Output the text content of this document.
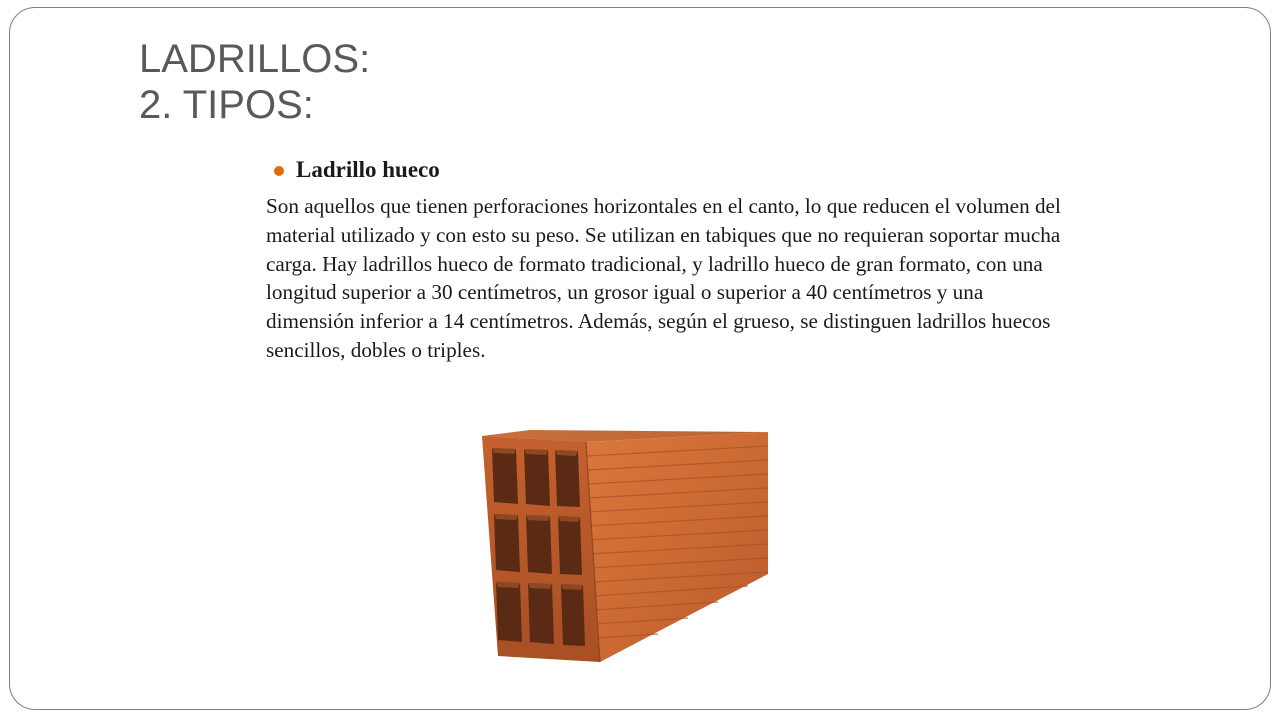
LADRILLOS:
2. TIPOS:
Ladrillo hueco

Son aquellos que tienen perforaciones horizontales en el canto, lo que reducen el volumen del material utilizado y con esto su peso. Se utilizan en tabiques que no requieran soportar mucha carga. Hay ladrillos hueco de formato tradicional, y ladrillo hueco de gran formato, con una longitud superior a 30 centímetros, un grosor igual o superior a 40 centímetros y una dimensión inferior a 14 centímetros. Además, según el grueso, se distinguen ladrillos huecos sencillos, dobles o triples.
